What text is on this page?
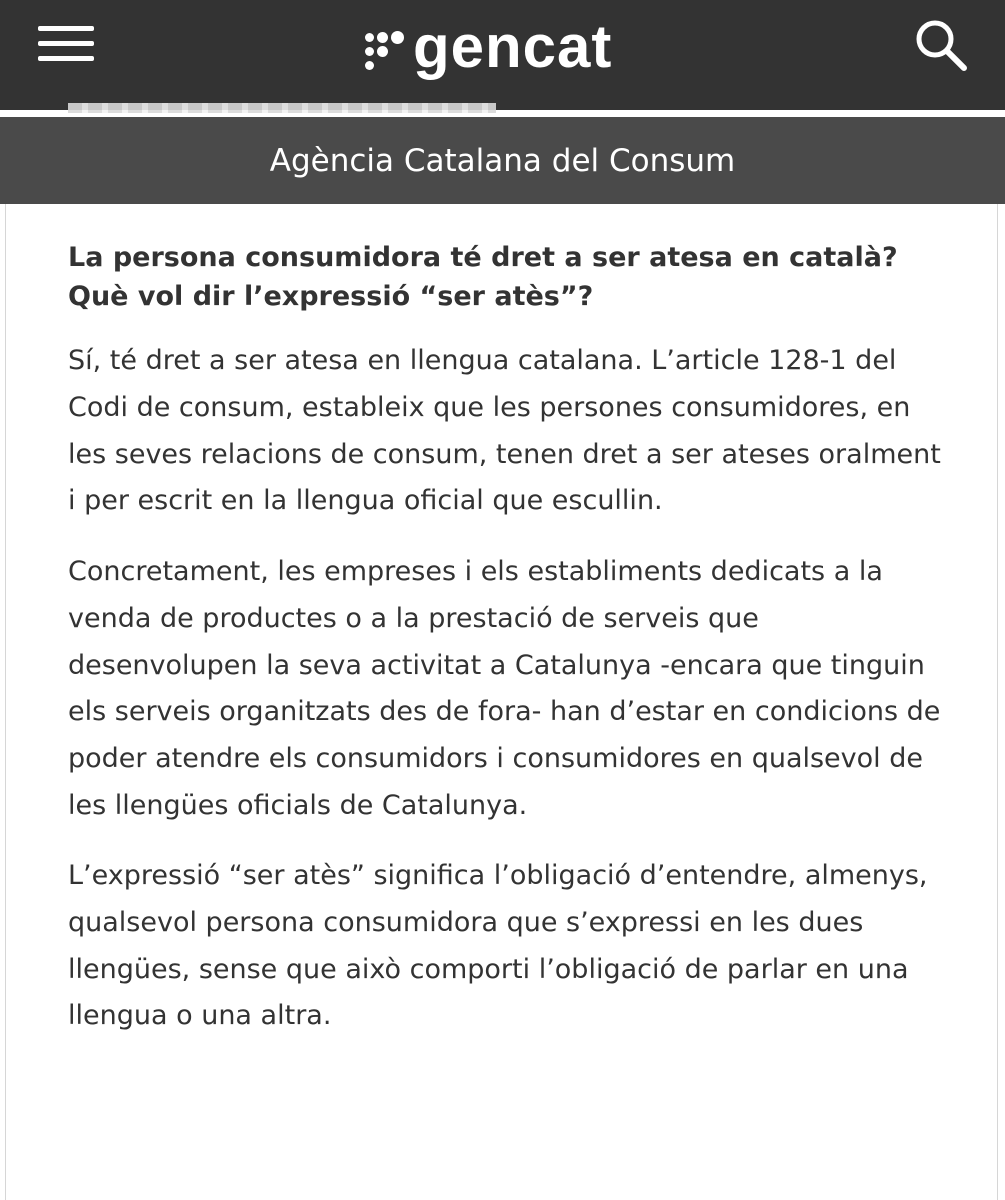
gencat
Agència Catalana del Consum
La persona consumidora té dret a ser atesa en català? Què vol dir l’expressió “ser atès”?

Sí, té dret a ser atesa en llengua catalana. L’article 128-1 del Codi de consum, estableix que les persones consumidores, en les seves relacions de consum, tenen dret a ser ateses oralment i per escrit en la llengua oficial que escullin.

Concretament, les empreses i els establiments dedicats a la venda de productes o a la prestació de serveis que desenvolupen la seva activitat a Catalunya -encara que tinguin els serveis organitzats des de fora- han d’estar en condicions de poder atendre els consumidors i consumidores en qualsevol de les llengües oficials de Catalunya.

L’expressió “ser atès” significa l’obligació d’entendre, almenys, qualsevol persona consumidora que s’expressi en les dues llengües, sense que això comporti l’obligació de parlar en una llengua o una altra.
